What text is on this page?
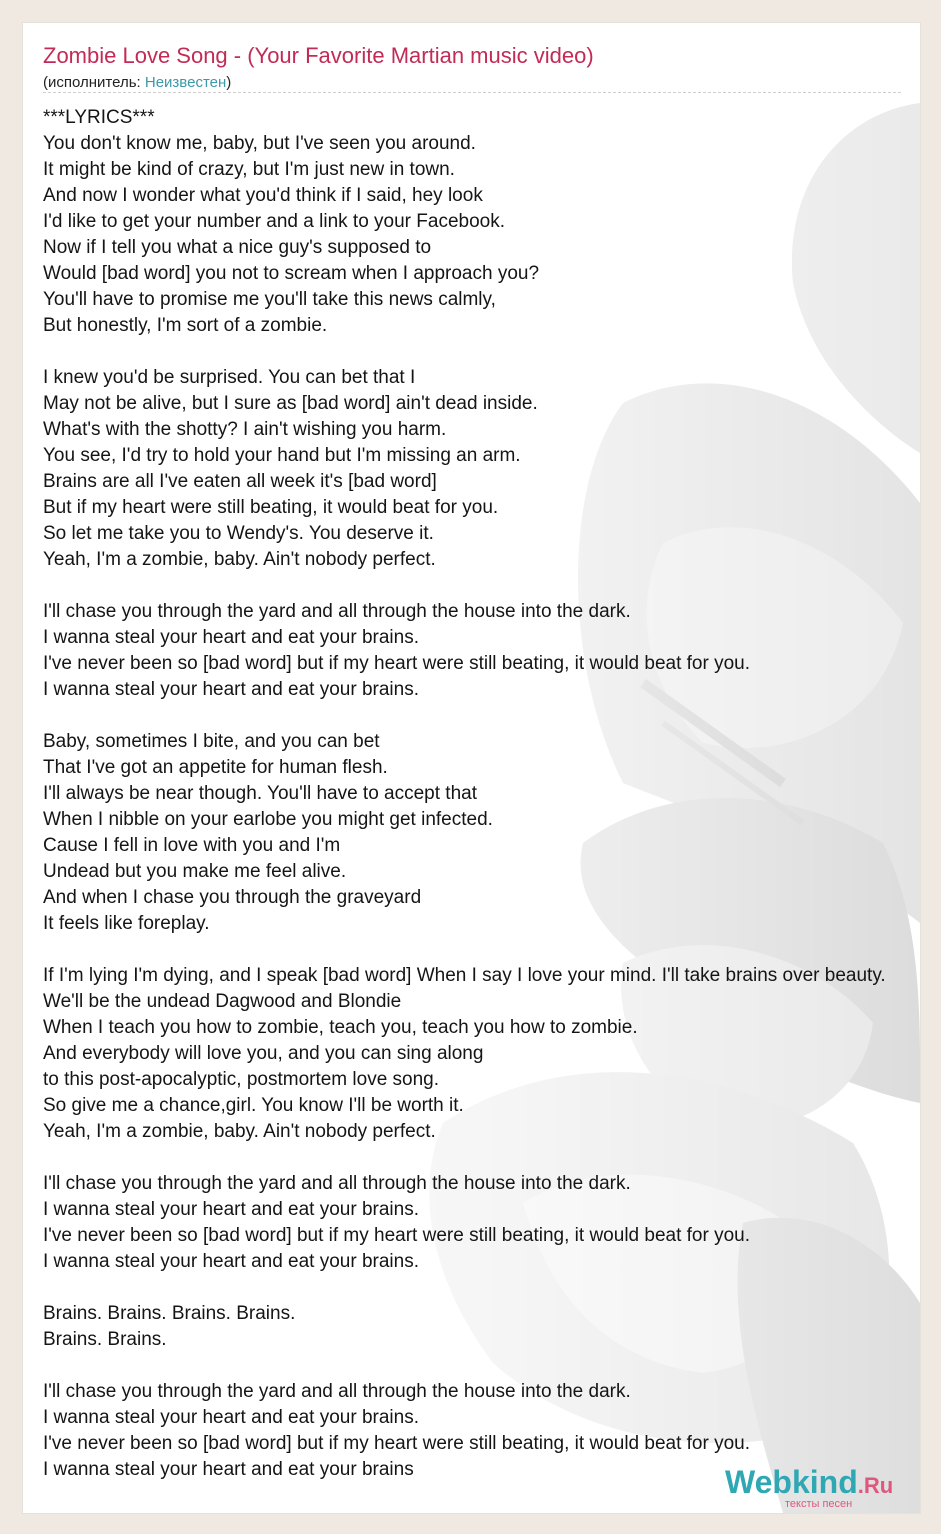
Zombie Love Song - (Your Favorite Martian music video)
(исполнитель: Неизвестен)
***LYRICS***
You don't know me, baby, but I've seen you around.
It might be kind of crazy, but I'm just new in town.
And now I wonder what you'd think if I said, hey look
I'd like to get your number and a link to your Facebook.
Now if I tell you what a nice guy's supposed to
Would [bad word] you not to scream when I approach you?
You'll have to promise me you'll take this news calmly,
But honestly, I'm sort of a zombie.
I knew you'd be surprised. You can bet that I
May not be alive, but I sure as [bad word] ain't dead inside.
What's with the shotty? I ain't wishing you harm.
You see, I'd try to hold your hand but I'm missing an arm.
Brains are all I've eaten all week it's [bad word]
But if my heart were still beating, it would beat for you.
So let me take you to Wendy's. You deserve it.
Yeah, I'm a zombie, baby. Ain't nobody perfect.
I'll chase you through the yard and all through the house into the dark.
I wanna steal your heart and eat your brains.
I've never been so [bad word] but if my heart were still beating, it would beat for you.
I wanna steal your heart and eat your brains.
Baby, sometimes I bite, and you can bet
That I've got an appetite for human flesh.
I'll always be near though. You'll have to accept that
When I nibble on your earlobe you might get infected.
Cause I fell in love with you and I'm
Undead but you make me feel alive.
And when I chase you through the graveyard
It feels like foreplay.
If I'm lying I'm dying, and I speak [bad word] When I say I love your mind. I'll take brains over beauty.
We'll be the undead Dagwood and Blondie
When I teach you how to zombie, teach you, teach you how to zombie.
And everybody will love you, and you can sing along
to this post-apocalyptic, postmortem love song.
So give me a chance,girl. You know I'll be worth it.
Yeah, I'm a zombie, baby. Ain't nobody perfect.
I'll chase you through the yard and all through the house into the dark.
I wanna steal your heart and eat your brains.
I've never been so [bad word] but if my heart were still beating, it would beat for you.
I wanna steal your heart and eat your brains.
Brains. Brains. Brains. Brains.
Brains. Brains.
I'll chase you through the yard and all through the house into the dark.
I wanna steal your heart and eat your brains.
I've never been so [bad word] but if my heart were still beating, it would beat for you.
I wanna steal your heart and eat your brains	Webkind.Ru
тексты песен
